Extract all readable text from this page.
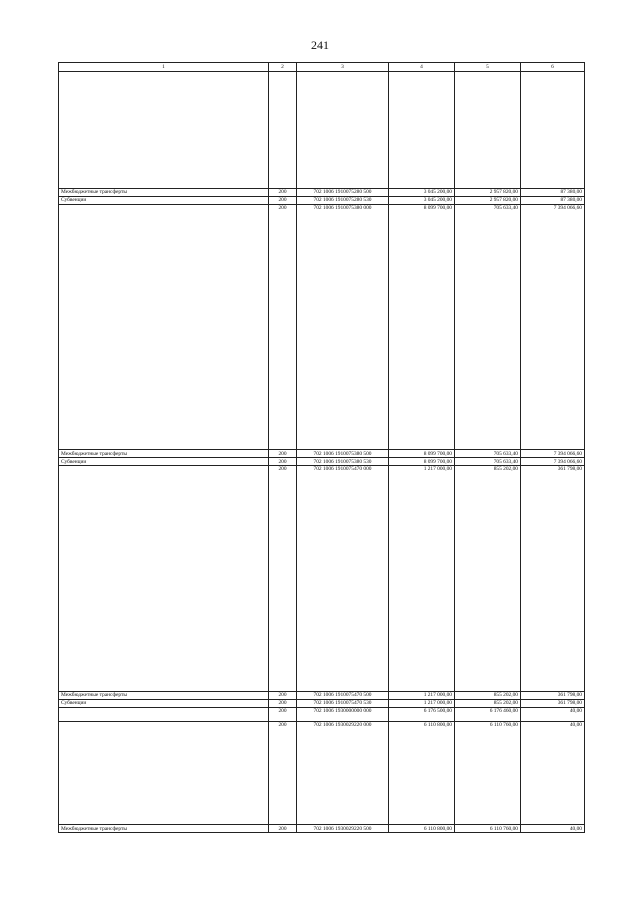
241
1	2	3	4	5	6

Межбюджетные трансферты	200	702 1006 1910075280 500	3 045 200,00	2 957 820,00	87 380,00
Субвенции	200	702 1006 1910075280 530	3 045 200,00	2 957 820,00	87 380,00
	200	702 1006 1910075380 000	8 099 700,00	705 633,40	7 394 066,60
Межбюджетные трансферты	200	702 1006 1910075380 500	8 099 700,00	705 633,40	7 394 066,60
Субвенции	200	702 1006 1910075380 530	8 099 700,00	705 633,40	7 394 066,60
	200	702 1006 1910075470 000	1 217 000,00	855 202,00	361 798,00
Межбюджетные трансферты	200	702 1006 1910075470 500	1 217 000,00	855 202,00	361 798,00
Субвенции	200	702 1006 1910075470 530	1 217 000,00	855 202,00	361 798,00
	200	702 1006 1930000000 000	6 176 500,00	6 176 460,00	40,00
	200	702 1006 1930029220 000	6 110 800,00	6 110 760,00	40,00
Межбюджетные трансферты	200	702 1006 1930029220 500	6 110 800,00	6 110 760,00	40,00
